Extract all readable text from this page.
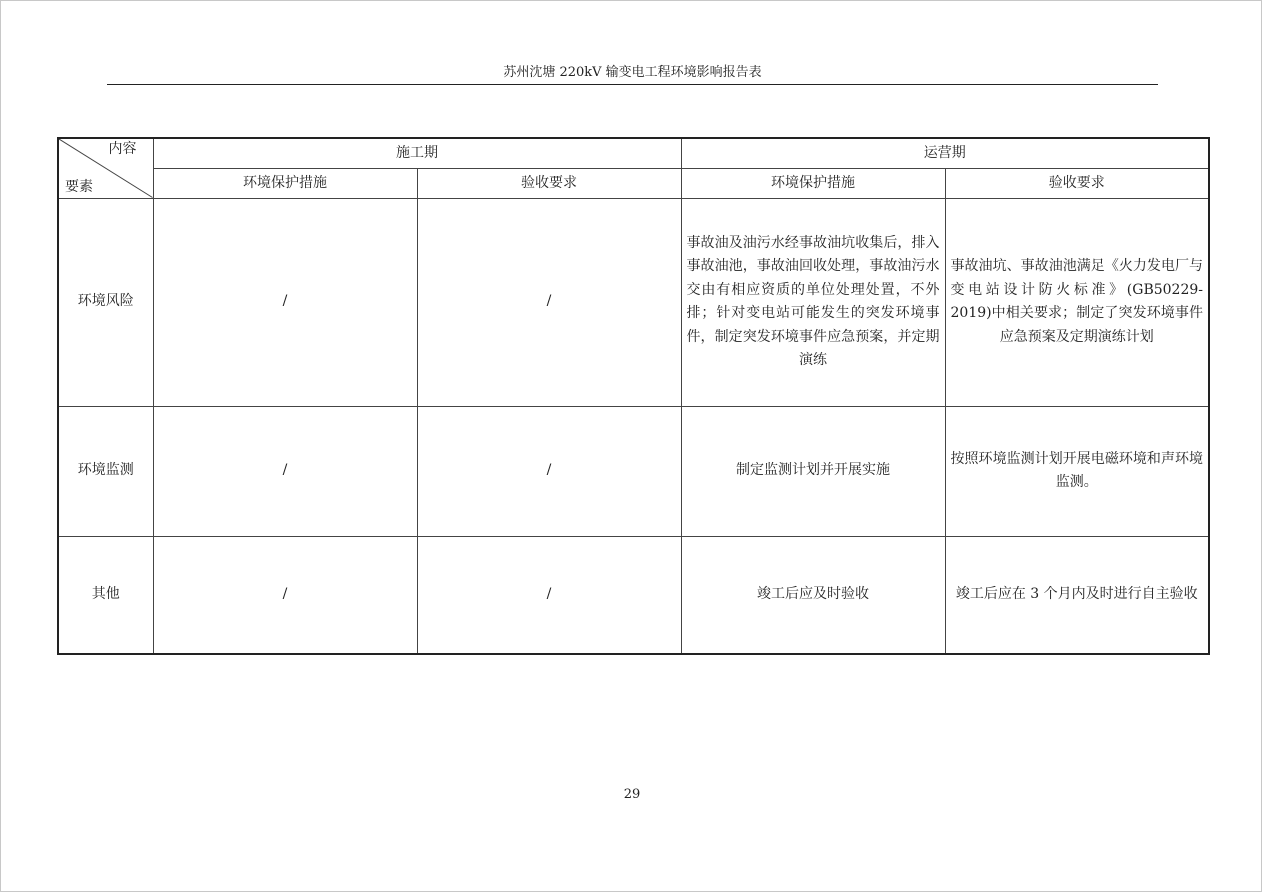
苏州沈塘 220kV 输变电工程环境影响报告表
内容
要素	施工期		运营期	
	环境保护措施	验收要求	环境保护措施	验收要求
环境风险	/	/	事故油及油污水经事故油坑收集后，排入事故油池，事故油回收处理，事故油污水交由有相应资质的单位处理处置，不外排；针对变电站可能发生的突发环境事件，制定突发环境事件应急预案，并定期演练	事故油坑、事故油池满足《火力发电厂与变电站设计防火标准》(GB50229-2019)中相关要求；制定了突发环境事件应急预案及定期演练计划
环境监测	/	/	制定监测计划并开展实施	按照环境监测计划开展电磁环境和声环境监测。
其他	/	/	竣工后应及时验收	竣工后应在 3 个月内及时进行自主验收
29
